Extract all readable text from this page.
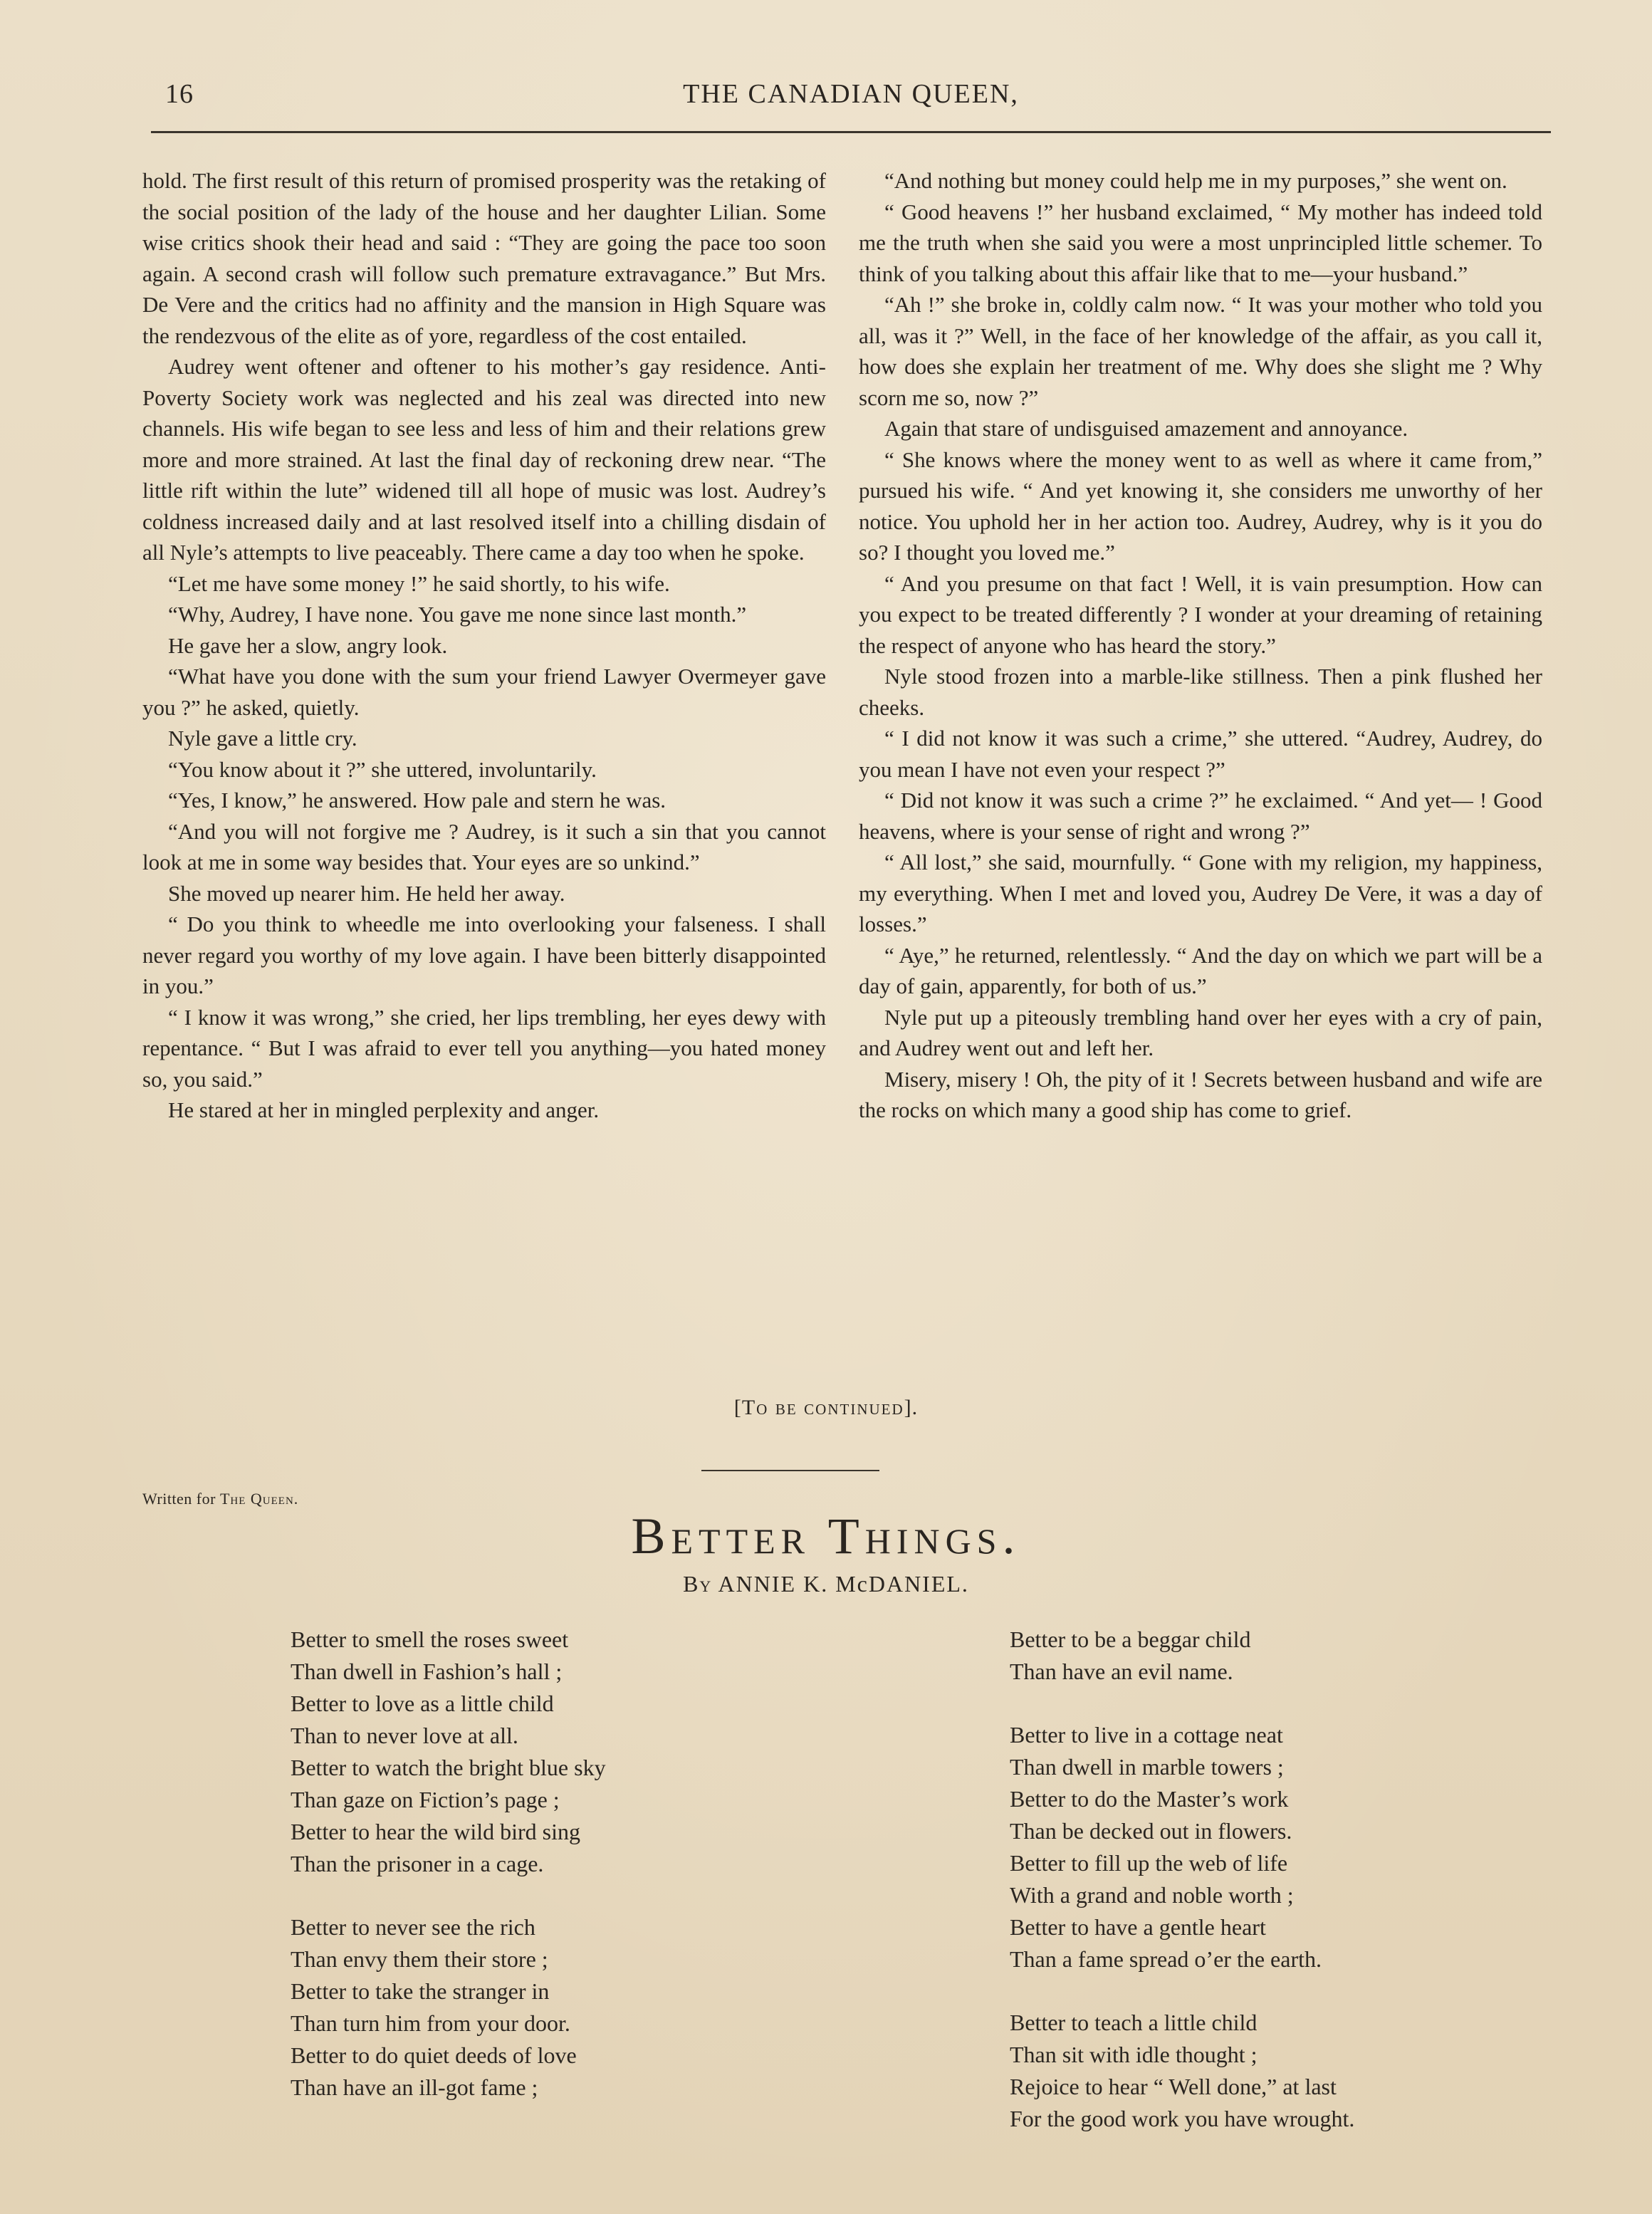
16	THE CANADIAN QUEEN,

hold. The first result of this return of promised prosperity was the retaking of the social position of the lady of the house and her daughter Lilian. Some wise critics shook their head and said : “They are going the pace too soon again. A second crash will follow such premature extravagance.” But Mrs. De Vere and the critics had no affinity and the mansion in High Square was the rendezvous of the elite as of yore, regardless of the cost entailed.

Audrey went oftener and oftener to his mother’s gay residence. Anti-Poverty Society work was neglected and his zeal was directed into new channels. His wife began to see less and less of him and their relations grew more and more strained. At last the final day of reckoning drew near. “The little rift within the lute” widened till all hope of music was lost. Audrey’s coldness increased daily and at last resolved itself into a chilling disdain of all Nyle’s attempts to live peaceably. There came a day too when he spoke.

“Let me have some money !” he said shortly, to his wife.

“Why, Audrey, I have none. You gave me none since last month.”

He gave her a slow, angry look.

“What have you done with the sum your friend Lawyer Overmeyer gave you ?” he asked, quietly.

Nyle gave a little cry.

“You know about it ?” she uttered, involuntarily.

“Yes, I know,” he answered. How pale and stern he was.

“And you will not forgive me ? Audrey, is it such a sin that you cannot look at me in some way besides that. Your eyes are so unkind.”

She moved up nearer him. He held her away.

“ Do you think to wheedle me into overlooking your falseness. I shall never regard you worthy of my love again. I have been bitterly disappointed in you.”

“ I know it was wrong,” she cried, her lips trembling, her eyes dewy with repentance. “ But I was afraid to ever tell you anything—you hated money so, you said.”

He stared at her in mingled perplexity and anger.

“And nothing but money could help me in my purposes,” she went on.

“ Good heavens !” her husband exclaimed, “ My mother has indeed told me the truth when she said you were a most unprincipled little schemer. To think of you talking about this affair like that to me—your husband.”

“Ah !” she broke in, coldly calm now. “ It was your mother who told you all, was it ?” Well, in the face of her knowledge of the affair, as you call it, how does she explain her treatment of me. Why does she slight me ? Why scorn me so, now ?”

Again that stare of undisguised amazement and annoyance.

“ She knows where the money went to as well as where it came from,” pursued his wife. “ And yet knowing it, she considers me unworthy of her notice. You uphold her in her action too. Audrey, Audrey, why is it you do so? I thought you loved me.”

“ And you presume on that fact ! Well, it is vain presumption. How can you expect to be treated differently ? I wonder at your dreaming of retaining the respect of anyone who has heard the story.”

Nyle stood frozen into a marble-like stillness. Then a pink flushed her cheeks.

“ I did not know it was such a crime,” she uttered. “Audrey, Audrey, do you mean I have not even your respect ?”

“ Did not know it was such a crime ?” he exclaimed. “ And yet— ! Good heavens, where is your sense of right and wrong ?”

“ All lost,” she said, mournfully. “ Gone with my religion, my happiness, my everything. When I met and loved you, Audrey De Vere, it was a day of losses.”

“ Aye,” he returned, relentlessly. “ And the day on which we part will be a day of gain, apparently, for both of us.”

Nyle put up a piteously trembling hand over her eyes with a cry of pain, and Audrey went out and left her.

Misery, misery ! Oh, the pity of it ! Secrets between husband and wife are the rocks on which many a good ship has come to grief.

[To be continued].
Written for The Queen.
Better Things.
By ANNIE K. McDANIEL.
Better to smell the roses sweet
Than dwell in Fashion’s hall ;
Better to love as a little child
Than to never love at all.
Better to watch the bright blue sky
Than gaze on Fiction’s page ;
Better to hear the wild bird sing
Than the prisoner in a cage.
Better to never see the rich
Than envy them their store ;
Better to take the stranger in
Than turn him from your door.
Better to do quiet deeds of love
Than have an ill-got fame ;
Better to be a beggar child
Than have an evil name.
Better to live in a cottage neat
Than dwell in marble towers ;
Better to do the Master’s work
Than be decked out in flowers.
Better to fill up the web of life
With a grand and noble worth ;
Better to have a gentle heart
Than a fame spread o’er the earth.
Better to teach a little child
Than sit with idle thought ;
Rejoice to hear “ Well done,” at last
For the good work you have wrought.
